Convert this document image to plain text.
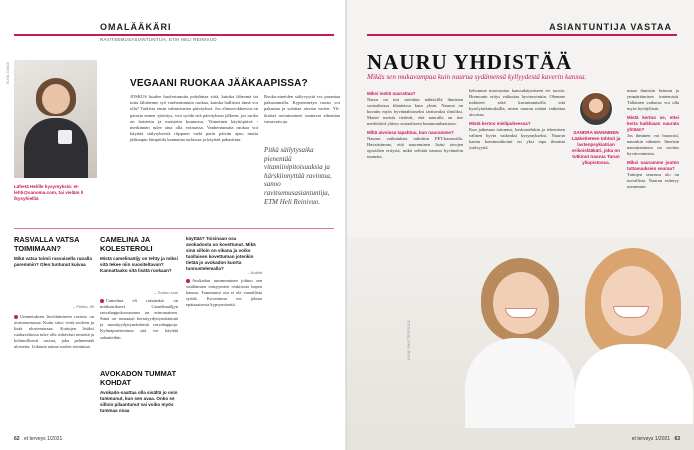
OMALÄÄKÄRI
RAVITSEMUSASIANTUNTIJA, ETM HELI REINIVUO
KUVA: DIANA
Lähetä Heillle kysymyksiä: et-lehti@sanoma.com, tai vieläm /I /kysyhielliä
VEGAANI RUOKAA JÄÄKAAPISSA?
JOSKUS kuulee huolestunutta pohdintaa siitä, kuinka lähesmä tai tuttu lähiömme syö vanhentunutta ruokaa, kuinka hallitsisi tämä voi olla? Tarkista ensin valmistusten päiväykset. Jos elintarvikkeessa on parasta ennen -päiväys, voit syödä sitä päiväyksen jälkeen, jos ruoka on haistettu ja maistettu kunnossa. Viimeinen käyttöpäivä -merkinnän tulee aina olla voimassa. Vanhentunutta ruokaa voi käyttää säilytyksestä riippuen vielä parin päivän ajan, mutta jääkaapin lämpötila kannattaa tarkistaa ja käyttää pakastinta.
Ruoka-aineiden säilyvyyttä voi parantaa pakastamalla. Kypsennetyn ruoan voi pakastaa ja sulattaa ateriaa varten. Yli-ikäiset ravintoaineet saattavat aiheuttaa vatsavaivoja.
Pitkä säilytysaika pienentää vitamiinipitoisuuksia ja härskiinnyttää ravintoa, sanoo ravitsemusasiantuntija, ETM Heli Reinivuo.
RASVALLA VATSA TOIMIMAAN?
Mikä vatsa toimii rasvaisella ruoalla paremmin? Olen tuntunut kuivaa
– Pirkko, 45
Ummetuksen lievittämiseen ravinto on avainasemassa. Kuitu sitoo vettä suoleen ja lisää ulostemassaa. Kuitujen lisäksi ruokavaliossa tulee olla riittävästi nestettä ja kohtuullisesti rasvaa, joka pehmentää ulostetta. Liikunta auttaa suolen toimintaa.
CAMELINA JA KOLESTEROLI
Mistä camelinaöljy on tehty ja miksi sitä tekee niin suositeltavan? Kannattaako sitä lisätä ruokaan?
– Tuntuu suul
Camelina eli ruistankio on mitikastikasvi. Camelinaöljyn rasvahappokoostumus on erinomainen. Siinä on runsaasti kertatyydyttymättömiä ja monityydyttymättömiä rasvahappoja. Kylmäpuristettuna sitä voi käyttää salaatteihin.
AVOKADON TUMMAT KOHDAT
Avokado-saattaa olla sisältä jo osin tummunut, kun sen avaa. Onko se silloin pilaantunut vai voiko myös tummaa osaa
käyttää? Toisinaan osa avokadosta on kovettunut. Mikä sinä silloin on vikana ja voiko tuollaisen kovettuman jotenkin tietää jo avokadon kuorta tunnustelemalla?
– Aubild
Avokadon tummuminen johtuu sen sisältämien entsyymien reaktiosta hapen kanssa. Tummunut osa ei ole vaarallista syödä. Kovettuma voi johtua epätasaisesta kypsymisestä.
62 et terveys 1/2021
ASIANTUNTIJA VASTAA
NAURU YHDISTÄÄ
Mikäs sen mukavampaa kuin naurua sydämensä kyllyydestä kaverin kanssa.
Miksi meitä naurattaa?
Nauru on tosi useinkin nähtävillä ihmisten sosiaalisissa tilanteissa kuin yksin. Naurua on kuvattu myös hyväntahtoiseksi tarttuvaksi ilmiöksi. Monet meistä tietävät, että naurulla on itse merkittävä yhteys sosiaaliseen kommunikaatioon.
Miltä aivoissa tapahtuu, kun nauramme?
Naurun vaikutuksia tutkittiin PET-kameralla. Havaitsimme, että nauraminen lisäsi aivojen opioidien eritystä, mikä selittää naurun hyvänolon tunnetta.
kehomme muovautuu kanssakäymiseen eri tavoin. Hormonin eritys vaikuttaa hyvinvointiin. Olemme tutkineet sekä kuvantamisella että kyselytutkimuksilla, miten naurun määrä vaikuttaa aivoissa.
Mistä kertoo mielipuheessa?
Kun jatketaan tottumus, keskustelukin ja tekemisen välinen hyvin vaikeaksi kysymykseksi. Naurun kautta kommunikointi on yksi tapa ilmaista ystävyyttä.
SANDRA MANNINEN Lääketieteen tohtori ja lastenpsykiatrian erikoislääkäri, joka on tutkinut naurua Turun yliopistossa.
maan ihmisiin heimon ja ymmärtämisen tuntemistä. Tällainen vaikutus voi olla myös hyödyllistä.
Mistä kertoo se, ettei kerta kaikkiaan naurata yhtään?
Jos ihminen voi huonosti, naurukin vähenee. Ilmeisin naurattaminen on osoitus hyvinvoinnista.
Miksi nauramme jouten tuttavuuksien seuraa?
Tuttujen seurassa olo on turvallista. Naurua esiintyy useammin.
KUVA: SHUTTERSTOCK
et terveys 1/2021 63
